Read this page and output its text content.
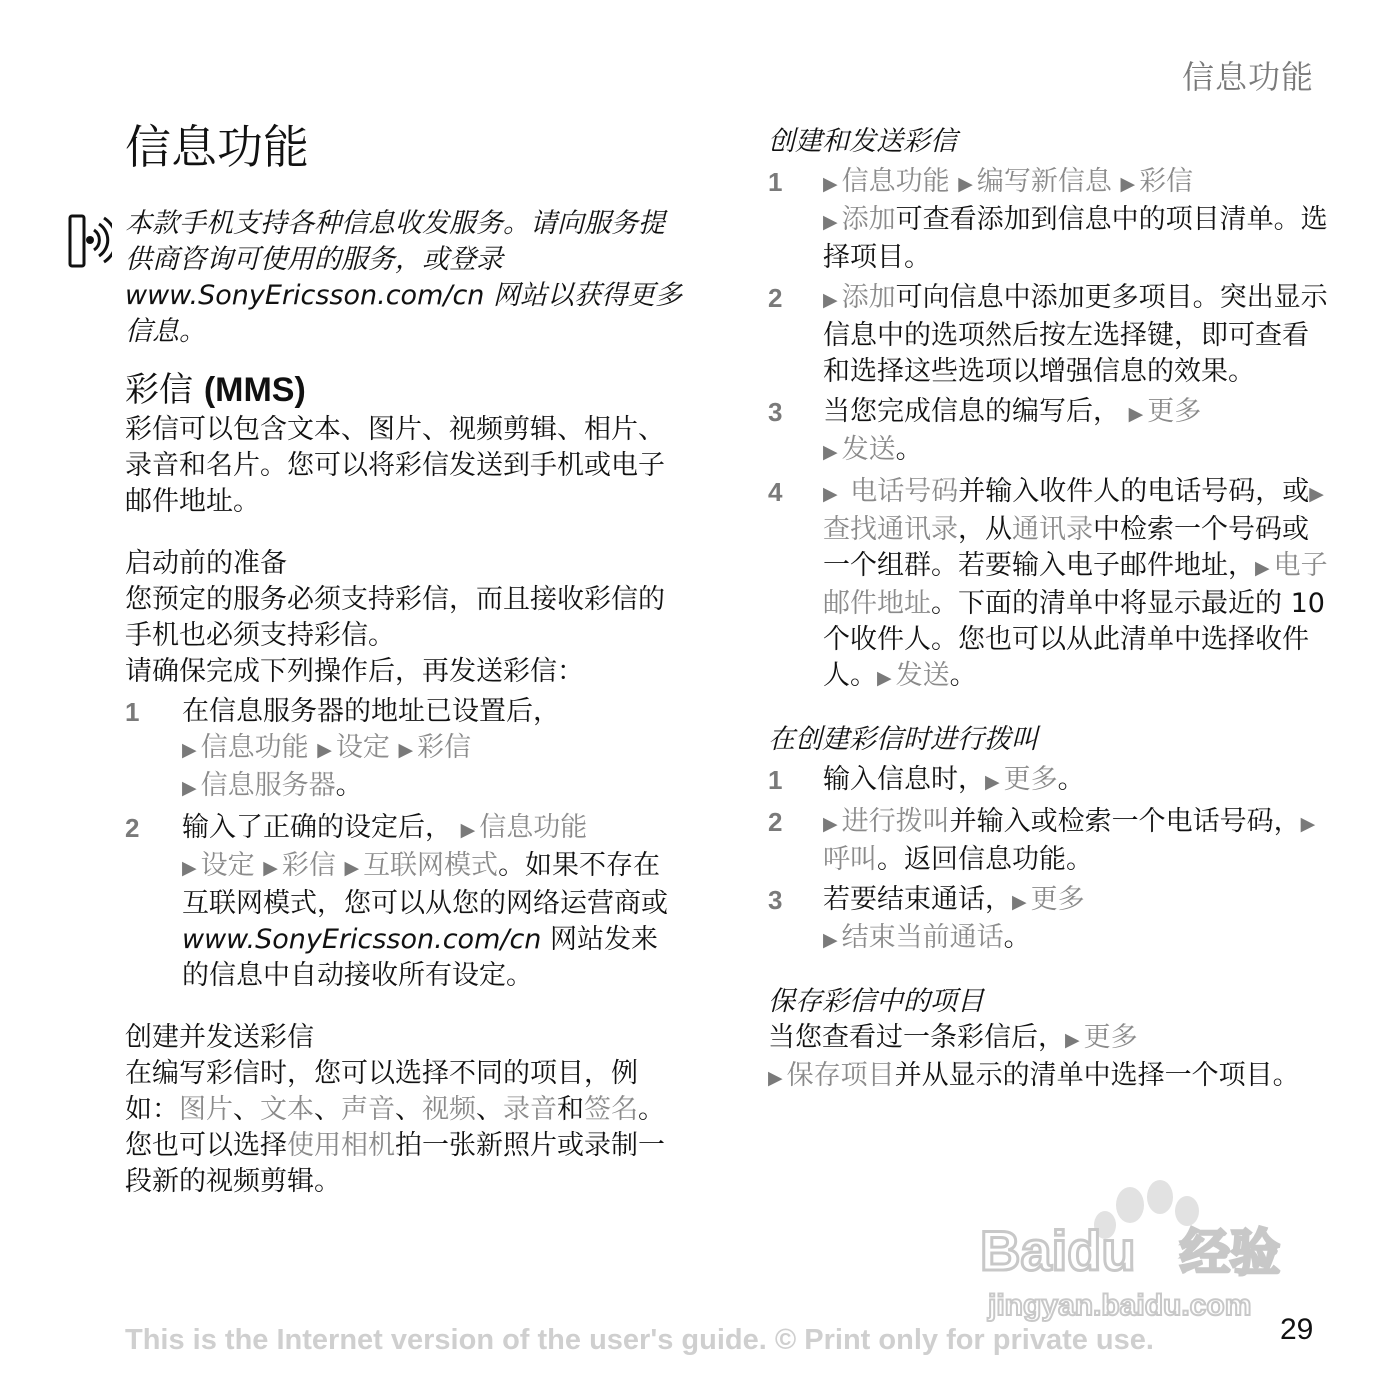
信息功能
信息功能
本款手机支持各种信息收发服务。请向服务提供商咨询可使用的服务，或登录 www.SonyEricsson.com/cn 网站以获得更多信息。
彩信 (MMS)
彩信可以包含文本、图片、视频剪辑、相片、录音和名片。您可以将彩信发送到手机或电子邮件地址。
启动前的准备
您预定的服务必须支持彩信，而且接收彩信的手机也必须支持彩信。
请确保完成下列操作后，再发送彩信：
1 在信息服务器的地址已设置后，
▶ 信息功能 ▶ 设定 ▶ 彩信
▶ 信息服务器。
2 输入了正确的设定后， ▶ 信息功能
▶ 设定 ▶ 彩信 ▶ 互联网模式。如果不存在互联网模式，您可以从您的网络运营商或
www.SonyEricsson.com/cn 网站发来的信息中自动接收所有设定。
创建并发送彩信
在编写彩信时，您可以选择不同的项目，例如：图片、文本、声音、视频、录音和签名。您也可以选择使用相机拍一张新照片或录制一段新的视频剪辑。
创建和发送彩信
1 ▶ 信息功能 ▶ 编写新信息 ▶ 彩信
▶ 添加可查看添加到信息中的项目清单。选择项目。
2 ▶ 添加可向信息中添加更多项目。突出显示信息中的选项然后按左选择键，即可查看和选择这些选项以增强信息的效果。
3 当您完成信息的编写后， ▶ 更多
▶ 发送。
4 ▶ 电话号码并输入收件人的电话号码，或▶查找通讯录，从通讯录中检索一个号码或一个组群。若要输入电子邮件地址，▶ 电子邮件地址。下面的清单中将显示最近的 10 个收件人。您也可以从此清单中选择收件人。▶ 发送。
在创建彩信时进行拨叫
1 输入信息时，▶ 更多。
2 ▶ 进行拨叫并输入或检索一个电话号码，▶呼叫。返回信息功能。
3 若要结束通话，▶ 更多
▶ 结束当前通话。
保存彩信中的项目
当您查看过一条彩信后，▶ 更多
▶ 保存项目并从显示的清单中选择一个项目。
Baidu 经验
jingyan.baidu.com
This is the Internet version of the user's guide. © Print only for private use.	29
